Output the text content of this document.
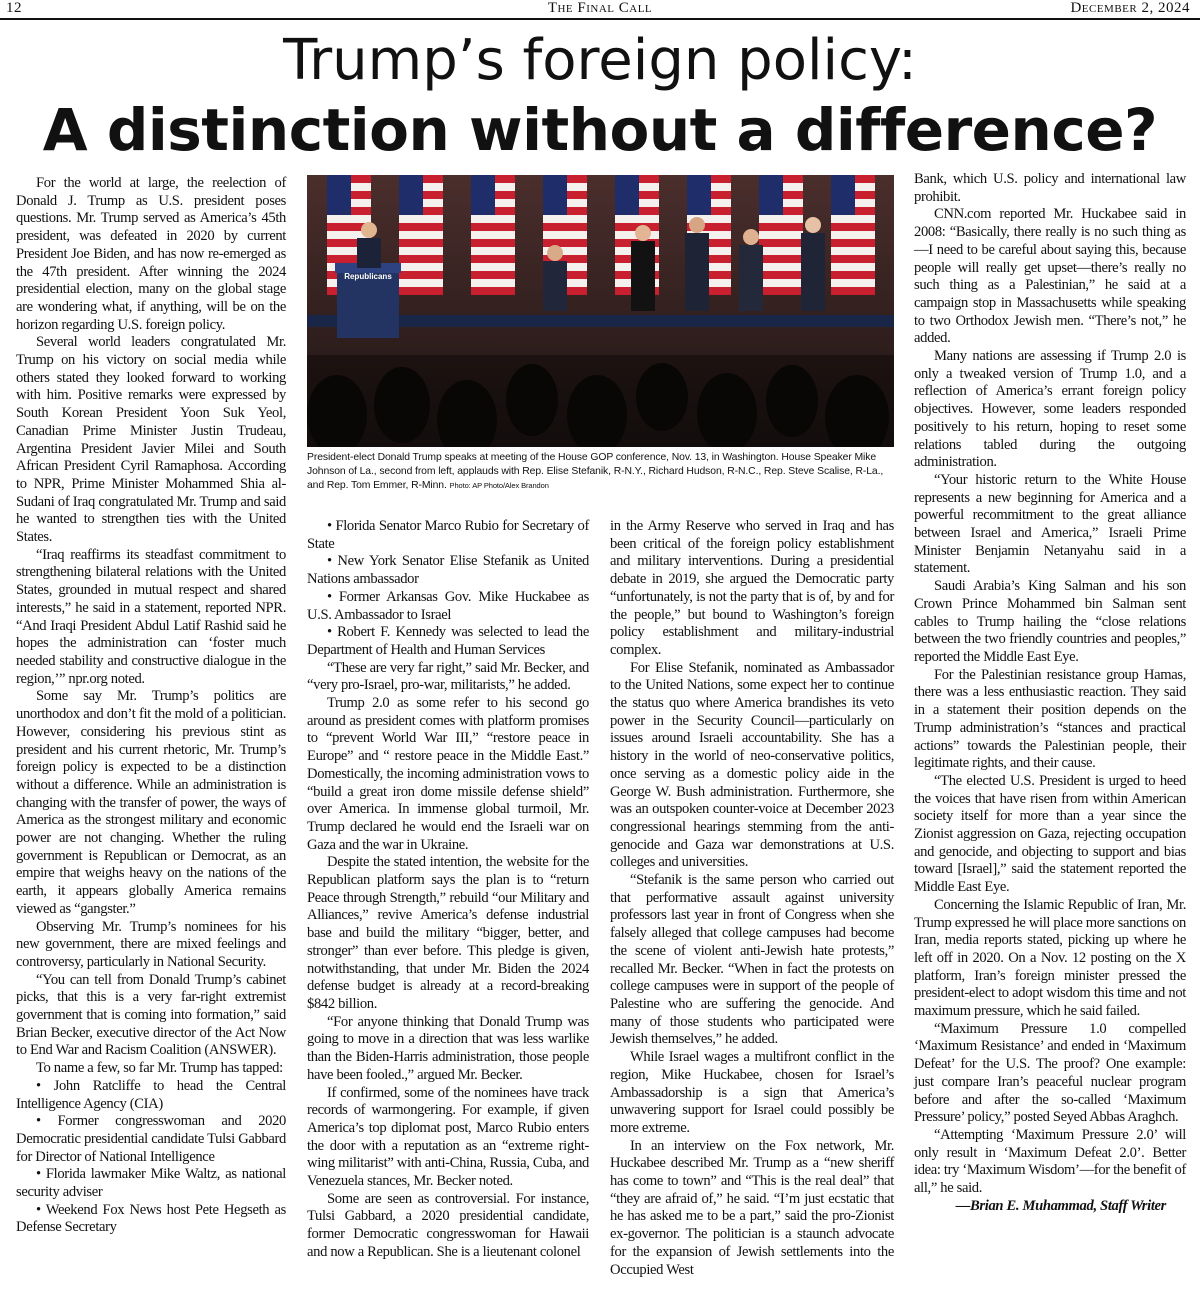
12	The Final Call	December 2, 2024
Trump’s foreign policy:
A distinction without a difference?

For the world at large, the reelection of Donald J. Trump as U.S. president poses questions. Mr. Trump served as America’s 45th president, was defeated in 2020 by current President Joe Biden, and has now re-emerged as the 47th president. After winning the 2024 presidential election, many on the global stage are wondering what, if anything, will be on the horizon regarding U.S. foreign policy.

Several world leaders congratulated Mr. Trump on his victory on social media while others stated they looked forward to working with him. Positive remarks were expressed by South Korean President Yoon Suk Yeol, Canadian Prime Minister Justin Trudeau, Argentina President Javier Milei and South African President Cyril Ramaphosa. According to NPR, Prime Minister Mohammed Shia al-Sudani of Iraq congratulated Mr. Trump and said he wanted to strengthen ties with the United States.

“Iraq reaffirms its steadfast commitment to strengthening bilateral relations with the United States, grounded in mutual respect and shared interests,” he said in a statement, reported NPR. “And Iraqi President Abdul Latif Rashid said he hopes the administration can ‘foster much needed stability and constructive dialogue in the region,’” npr.org noted.

Some say Mr. Trump’s politics are unorthodox and don’t fit the mold of a politician. However, considering his previous stint as president and his current rhetoric, Mr. Trump’s foreign policy is expected to be a distinction without a difference. While an administration is changing with the transfer of power, the ways of America as the strongest military and economic power are not changing. Whether the ruling government is Republican or Democrat, as an empire that weighs heavy on the nations of the earth, it appears globally America remains viewed as “gangster.”

Observing Mr. Trump’s nominees for his new government, there are mixed feelings and controversy, particularly in National Security.

“You can tell from Donald Trump’s cabinet picks, that this is a very far-right extremist government that is coming into formation,” said Brian Becker, executive director of the Act Now to End War and Racism Coalition (ANSWER).

To name a few, so far Mr. Trump has tapped:

• John Ratcliffe to head the Central Intelligence Agency (CIA)

• Former congresswoman and 2020 Democratic presidential candidate Tulsi Gabbard for Director of National Intelligence

• Florida lawmaker Mike Waltz, as national security adviser

• Weekend Fox News host Pete Hegseth as Defense Secretary

Republicans
President-elect Donald Trump speaks at meeting of the House GOP conference, Nov. 13, in Washington. House Speaker Mike Johnson of La., second from left, applauds with Rep. Elise Stefanik, R-N.Y., Richard Hudson, R-N.C., Rep. Steve Scalise, R-La., and Rep. Tom Emmer, R-Minn. Photo: AP Photo/Alex Brandon

• Florida Senator Marco Rubio for Secretary of State

• New York Senator Elise Stefanik as United Nations ambassador

• Former Arkansas Gov. Mike Huckabee as U.S. Ambassador to Israel

• Robert F. Kennedy was selected to lead the Department of Health and Human Services

“These are very far right,” said Mr. Becker, and “very pro-Israel, pro-war, militarists,” he added.

Trump 2.0 as some refer to his second go around as president comes with platform promises to “prevent World War III,” “restore peace in Europe” and “ restore peace in the Middle East.” Domestically, the incoming administration vows to “build a great iron dome missile defense shield” over America. In immense global turmoil, Mr. Trump declared he would end the Israeli war on Gaza and the war in Ukraine.

Despite the stated intention, the website for the Republican platform says the plan is to “return Peace through Strength,” rebuild “our Military and Alliances,” revive America’s defense industrial base and build the military “bigger, better, and stronger” than ever before. This pledge is given, notwithstanding, that under Mr. Biden the 2024 defense budget is already at a record-breaking $842 billion.

“For anyone thinking that Donald Trump was going to move in a direction that was less warlike than the Biden-Harris administration, those people have been fooled.,” argued Mr. Becker.

If confirmed, some of the nominees have track records of warmongering. For example, if given America’s top diplomat post, Marco Rubio enters the door with a reputation as an “extreme right-wing militarist” with anti-China, Russia, Cuba, and Venezuela stances, Mr. Becker noted.

Some are seen as controversial. For instance, Tulsi Gabbard, a 2020 presidential candidate, former Democratic congresswoman for Hawaii and now a Republican. She is a lieutenant colonel

in the Army Reserve who served in Iraq and has been critical of the foreign policy establishment and military interventions. During a presidential debate in 2019, she argued the Democratic party “unfortunately, is not the party that is of, by and for the people,” but bound to Washington’s foreign policy establishment and military-industrial complex.

For Elise Stefanik, nominated as Ambassador to the United Nations, some expect her to continue the status quo where America brandishes its veto power in the Security Council—particularly on issues around Israeli accountability. She has a history in the world of neo-conservative politics, once serving as a domestic policy aide in the George W. Bush administration. Furthermore, she was an outspoken counter-voice at December 2023 congressional hearings stemming from the anti-genocide and Gaza war demonstrations at U.S. colleges and universities.

“Stefanik is the same person who carried out that performative assault against university professors last year in front of Congress when she falsely alleged that college campuses had become the scene of violent anti-Jewish hate protests,” recalled Mr. Becker. “When in fact the protests on college campuses were in support of the people of Palestine who are suffering the genocide. And many of those students who participated were Jewish themselves,” he added.

While Israel wages a multifront conflict in the region, Mike Huckabee, chosen for Israel’s Ambassadorship is a sign that America’s unwavering support for Israel could possibly be more extreme.

In an interview on the Fox network, Mr. Huckabee described Mr. Trump as a “new sheriff has come to town” and “This is the real deal” that “they are afraid of,” he said. “I’m just ecstatic that he has asked me to be a part,” said the pro-Zionist ex-governor. The politician is a staunch advocate for the expansion of Jewish settlements into the Occupied West

Bank, which U.S. policy and international law prohibit.

CNN.com reported Mr. Huckabee said in 2008: “Basically, there really is no such thing as—I need to be careful about saying this, because people will really get upset—there’s really no such thing as a Palestinian,” he said at a campaign stop in Massachusetts while speaking to two Orthodox Jewish men. “There’s not,” he added.

Many nations are assessing if Trump 2.0 is only a tweaked version of Trump 1.0, and a reflection of America’s errant foreign policy objectives. However, some leaders responded positively to his return, hoping to reset some relations tabled during the outgoing administration.

“Your historic return to the White House represents a new beginning for America and a powerful recommitment to the great alliance between Israel and America,” Israeli Prime Minister Benjamin Netanyahu said in a statement.

Saudi Arabia’s King Salman and his son Crown Prince Mohammed bin Salman sent cables to Trump hailing the “close relations between the two friendly countries and peoples,” reported the Middle East Eye.

For the Palestinian resistance group Hamas, there was a less enthusiastic reaction. They said in a statement their position depends on the Trump administration’s “stances and practical actions” towards the Palestinian people, their legitimate rights, and their cause.

“The elected U.S. President is urged to heed the voices that have risen from within American society itself for more than a year since the Zionist aggression on Gaza, rejecting occupation and genocide, and objecting to support and bias toward [Israel],” said the statement reported the Middle East Eye.

Concerning the Islamic Republic of Iran, Mr. Trump expressed he will place more sanctions on Iran, media reports stated, picking up where he left off in 2020. On a Nov. 12 posting on the X platform, Iran’s foreign minister pressed the president-elect to adopt wisdom this time and not maximum pressure, which he said failed.

“Maximum Pressure 1.0 compelled ‘Maximum Resistance’ and ended in ‘Maximum Defeat’ for the U.S. The proof? One example: just compare Iran’s peaceful nuclear program before and after the so-called ‘Maximum Pressure’ policy,” posted Seyed Abbas Araghch.

“Attempting ‘Maximum Pressure 2.0’ will only result in ‘Maximum Defeat 2.0’. Better idea: try ‘Maximum Wisdom’—for the benefit of all,” he said.

—Brian E. Muhammad, Staff Writer
